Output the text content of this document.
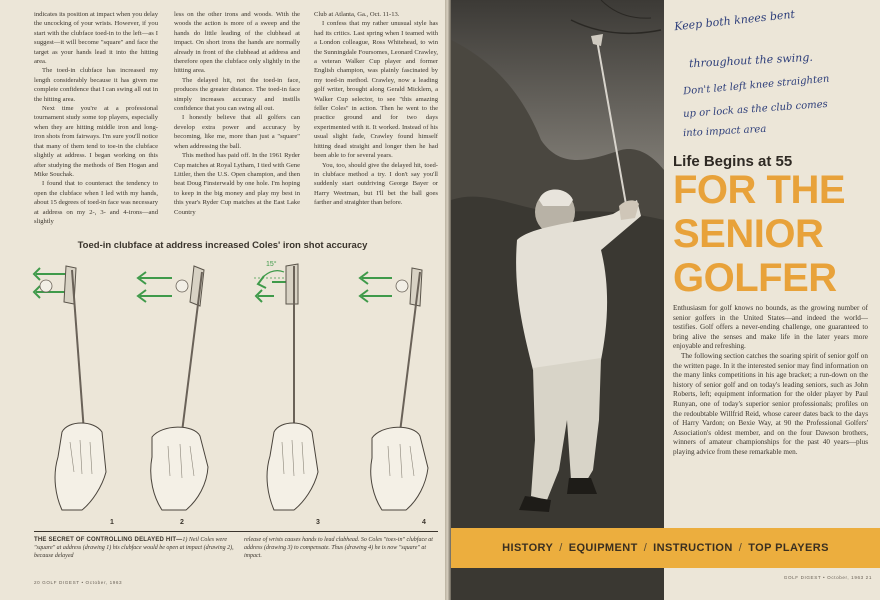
indicates its position at impact when you delay the uncocking of your wrists. However, if you start with the clubface toed-in to the left—as I suggest—it will become "square" and face the target as your hands lead it into the hitting area.

The toed-in clubface has increased my length considerably because it has given me complete confidence that I can swing all out in the hitting area.

Next time you're at a professional tournament study some top players, especially when they are hitting middle iron and long-iron shots from fairways. I'm sure you'll notice that many of them tend to toe-in the clubface slightly at address. I began working on this after studying the methods of Ben Hogan and Mike Souchak.

I found that to counteract the tendency to open the clubface when I led with my hands, about 15 degrees of toed-in face was necessary at address on my 2-, 3- and 4-irons—and slightly

less on the other irons and woods. With the woods the action is more of a sweep and the hands do little leading of the clubhead at impact. On short irons the hands are normally already in front of the clubhead at address and therefore open the clubface only slightly in the hitting area.

The delayed hit, not the toed-in face, produces the greater distance. The toed-in face simply increases accuracy and instills confidence that you can swing all out.

I honestly believe that all golfers can develop extra power and accuracy by becoming, like me, more than just a "square" when addressing the ball.

This method has paid off. In the 1961 Ryder Cup matches at Royal Lytham, I tied with Gene Littler, then the U.S. Open champion, and then beat Doug Finsterwald by one hole. I'm hoping to keep in the big money and play my best in this year's Ryder Cup matches at the East Lake Country

Club at Atlanta, Ga., Oct. 11-13.

I confess that my rather unusual style has had its critics. Last spring when I teamed with a London colleague, Ross Whitehead, to win the Sunningdale Foursomes, Leonard Crawley, a veteran Walker Cup player and former English champion, was plainly fascinated by my toed-in method. Crawley, now a leading golf writer, brought along Gerald Micklem, a Walker Cup selector, to see "this amazing feller Coles" in action. Then he went to the practice ground and for two days experimented with it. It worked. Instead of his usual slight fade, Crawley found himself hitting dead straight and longer then he had been able to for several years.

You, too, should give the delayed hit, toed-in clubface method a try. I don't say you'll suddenly start outdriving George Bayer or Harry Weetman, but I'll bet the ball goes farther and straighter than before.

Toed-in clubface at address increased Coles' iron shot accuracy
1	2
15°
3	4
THE SECRET OF CONTROLLING DELAYED HIT—1) Neil Coles were "square" at address (drawing 1) his clubface would be open at impact (drawing 2), because delayed
release of wrists causes hands to lead clubhead. So Coles "toes-in" clubface at address (drawing 3) to compensate. Thus (drawing 4) he is now "square" at impact.
20 GOLF DIGEST • October, 1963
Keep both knees bent
throughout the swing.
Don't let left knee straighten
up or lock as the club comes
into impact area
Life Begins at 55
FOR THE
SENIOR
GOLFER

Enthusiasm for golf knows no bounds, as the growing number of senior golfers in the United States—and indeed the world—testifies. Golf offers a never-ending challenge, one guaranteed to bring alive the senses and make life in the later years more enjoyable and refreshing.

The following section catches the soaring spirit of senior golf on the written page. In it the interested senior may find information on the many links competitions in his age bracket; a run-down on the history of senior golf and on today's leading seniors, such as John Roberts, left; equipment information for the older player by Paul Runyan, one of today's superior senior professionals; profiles on the redoubtable Willfrid Reid, whose career dates back to the days of Harry Vardon; on Bexie Way, at 90 the Professional Golfers' Association's oldest member, and on the four Dawson brothers, winners of amateur championships for the past 40 years—plus playing advice from these remarkable men.

HISTORY / EQUIPMENT / INSTRUCTION / TOP PLAYERS
GOLF DIGEST • October, 1963 21
